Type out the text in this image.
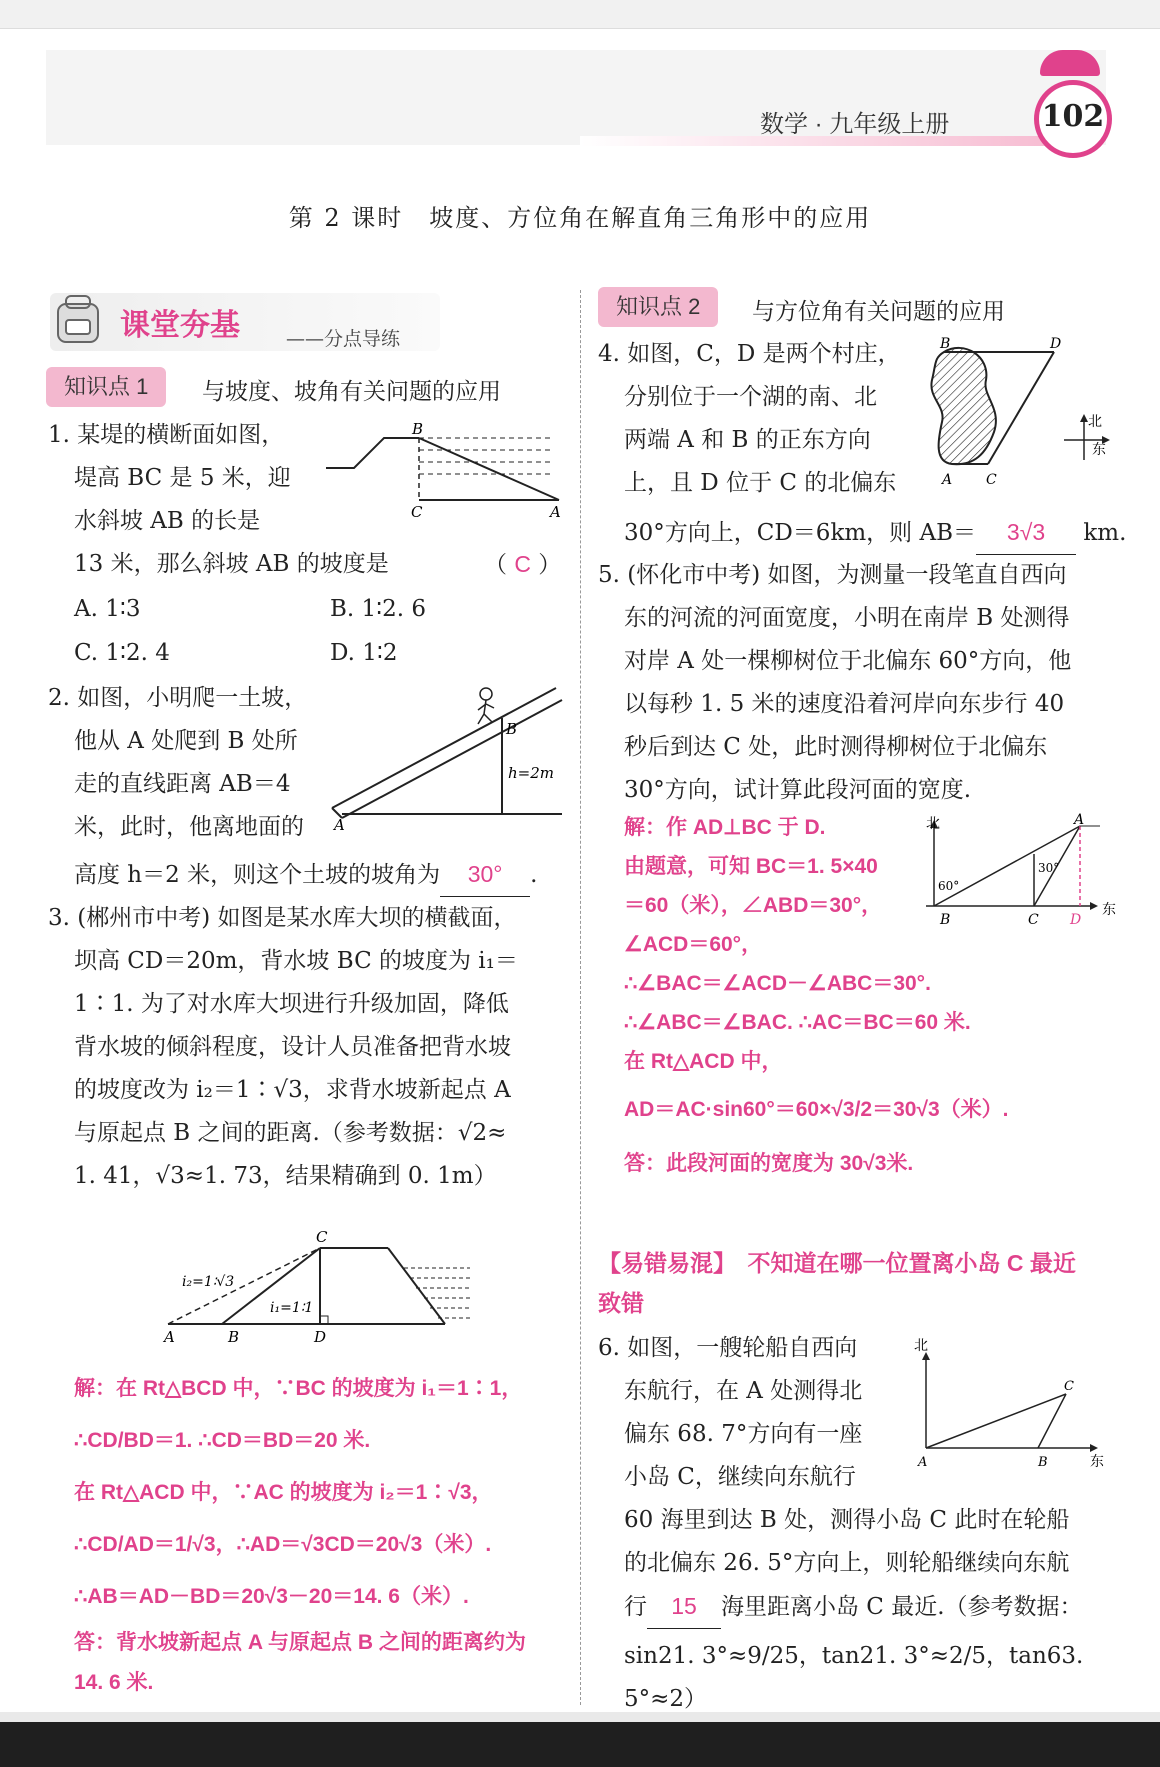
数学 · 九年级上册	102
第 2 课时　坡度、方位角在解直角三角形中的应用
课堂夯基 ——分点导练
知识点 1	与坡度、坡角有关问题的应用
1. 某堤的横断面如图，
堤高 BC 是 5 米，迎
水斜坡 AB 的长是
13 米，那么斜坡 AB 的坡度是	（ C ）
A. 1∶3	B. 1∶2. 6
C. 1∶2. 4	D. 1∶2
B
C	A
2. 如图，小明爬一土坡，
他从 A 处爬到 B 处所
走的直线距离 AB＝4
米，此时，他离地面的
高度 h＝2 米，则这个土坡的坡角为 30° .
B
A
h=2m
3. (郴州市中考) 如图是某水库大坝的横截面，
坝高 CD＝20m，背水坡 BC 的坡度为 i₁＝
1∶1. 为了对水库大坝进行升级加固，降低
背水坡的倾斜程度，设计人员准备把背水坡
的坡度改为 i₂＝1∶√3，求背水坡新起点 A
与原起点 B 之间的距离.（参考数据：√2≈
1. 41，√3≈1. 73，结果精确到 0. 1m）
C
A	B	D
i₂=1∶√3
i₁=1∶1
解：在 Rt△BCD 中，∵BC 的坡度为 i₁＝1∶1，
∴CD/BD＝1. ∴CD＝BD＝20 米.
在 Rt△ACD 中，∵AC 的坡度为 i₂＝1∶√3，
∴CD/AD＝1/√3，∴AD＝√3CD＝20√3（米）.
∴AB＝AD－BD＝20√3－20＝14. 6（米）.
答：背水坡新起点 A 与原起点 B 之间的距离约为
14. 6 米.
知识点 2	与方位角有关问题的应用
4. 如图，C，D 是两个村庄，
分别位于一个湖的南、北
两端 A 和 B 的正东方向
上，且 D 位于 C 的北偏东
30°方向上，CD＝6km，则 AB＝ 3√3 km.
B	D
A C
北
东
5. (怀化市中考) 如图，为测量一段笔直自西向
东的河流的河面宽度，小明在南岸 B 处测得
对岸 A 处一棵柳树位于北偏东 60°方向，他
以每秒 1. 5 米的速度沿着河岸向东步行 40
秒后到达 C 处，此时测得柳树位于北偏东
30°方向，试计算此段河面的宽度.
解：作 AD⊥BC 于 D.
由题意，可知 BC＝1. 5×40
＝60（米），∠ABD＝30°，
∠ACD＝60°，
∴∠BAC＝∠ACD－∠ABC＝30°.
∴∠ABC＝∠BAC. ∴AC＝BC＝60 米.
在 Rt△ACD 中，
AD＝AC·sin60°＝60×√3/2＝30√3（米）.
答：此段河面的宽度为 30√3米.
北
东
A
B	C D
60°
30°
【易错易混】　不知道在哪一位置离小岛 C 最近
致错
6. 如图，一艘轮船自西向
东航行，在 A 处测得北
偏东 68. 7°方向有一座
小岛 C，继续向东航行
60 海里到达 B 处，测得小岛 C 此时在轮船
的北偏东 26. 5°方向上，则轮船继续向东航
行 15 海里距离小岛 C 最近.（参考数据：
sin21. 3°≈9/25，tan21. 3°≈2/5，tan63. 5°≈2）
北
东
A	B
C
